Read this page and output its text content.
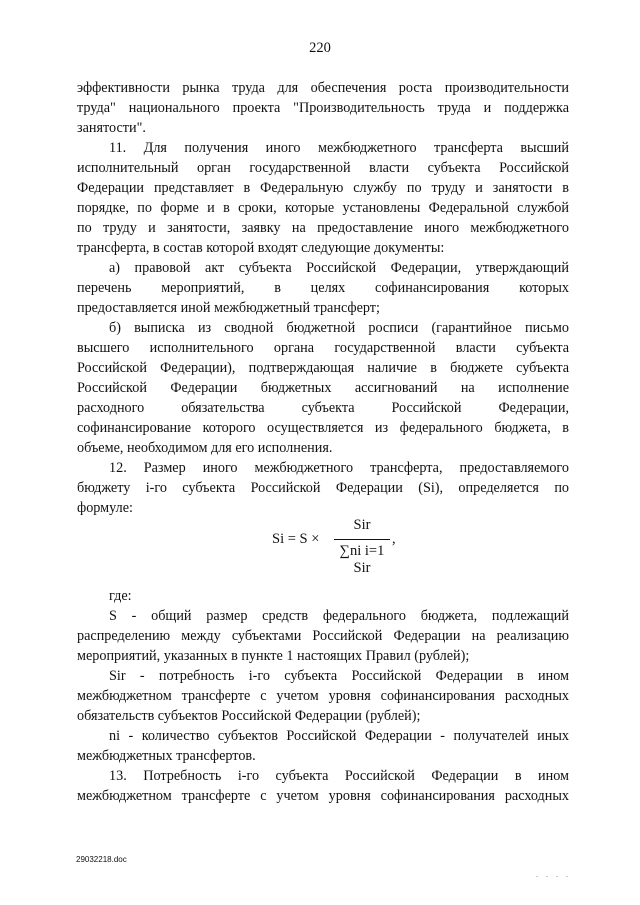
220
эффективности рынка труда для обеспечения роста производительности
труда" национального проекта "Производительность труда и поддержка
занятости".
11. Для получения иного межбюджетного трансферта высший
исполнительный орган государственной власти субъекта Российской
Федерации представляет в Федеральную службу по труду и занятости в
порядке, по форме и в сроки, которые установлены Федеральной службой
по труду и занятости, заявку на предоставление иного межбюджетного
трансферта, в состав которой входят следующие документы:
а) правовой акт субъекта Российской Федерации, утверждающий
перечень мероприятий, в целях софинансирования которых
предоставляется иной межбюджетный трансферт;
б) выписка из сводной бюджетной росписи (гарантийное письмо
высшего исполнительного органа государственной власти субъекта
Российской Федерации), подтверждающая наличие в бюджете субъекта
Российской Федерации бюджетных ассигнований на исполнение
расходного обязательства субъекта Российской Федерации,
софинансирование которого осуществляется из федерального бюджета, в
объеме, необходимом для его исполнения.
12. Размер иного межбюджетного трансферта, предоставляемого
бюджету i-го субъекта Российской Федерации (Si), определяется по
формуле:
Si = S ×
Sir
∑ni i=1 Sir
,
где:
S - общий размер средств федерального бюджета, подлежащий
распределению между субъектами Российской Федерации на реализацию
мероприятий, указанных в пункте 1 настоящих Правил (рублей);
Sir - потребность i-го субъекта Российской Федерации в ином
межбюджетном трансферте с учетом уровня софинансирования расходных
обязательств субъектов Российской Федерации (рублей);
ni - количество субъектов Российской Федерации - получателей иных
межбюджетных трансфертов.
13. Потребность i-го субъекта Российской Федерации в ином
межбюджетном трансферте с учетом уровня софинансирования расходных
29032218.doc
. . . .
